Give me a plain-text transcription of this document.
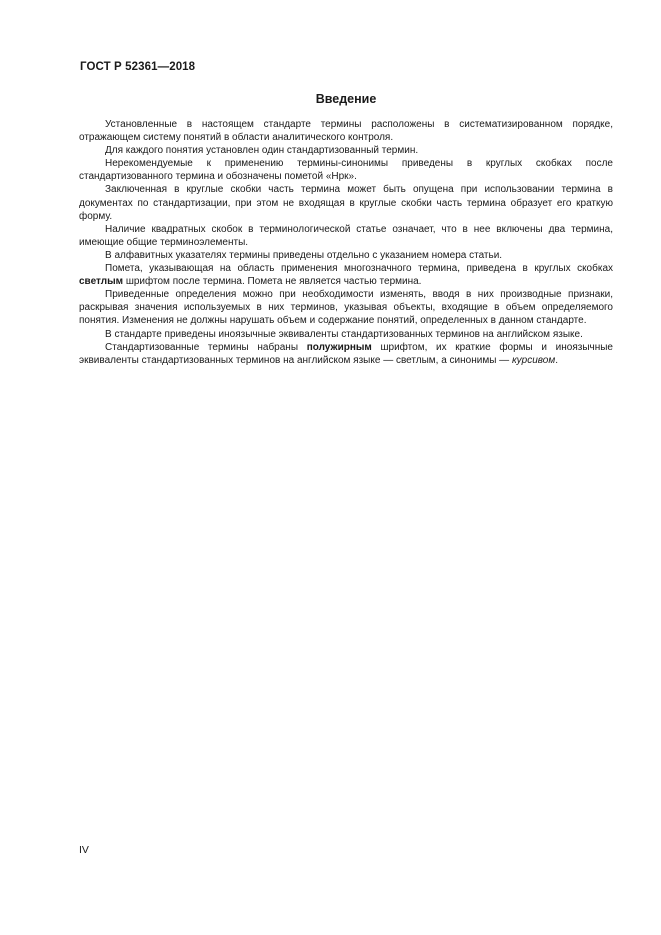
ГОСТ Р 52361—2018
Введение

Установленные в настоящем стандарте термины расположены в систематизированном порядке, отражающем систему понятий в области аналитического контроля.

Для каждого понятия установлен один стандартизованный термин.

Нерекомендуемые к применению термины-синонимы приведены в круглых скобках после стандартизованного термина и обозначены пометой «Нрк».

Заключенная в круглые скобки часть термина может быть опущена при использовании термина в документах по стандартизации, при этом не входящая в круглые скобки часть термина образует его краткую форму.

Наличие квадратных скобок в терминологической статье означает, что в нее включены два термина, имеющие общие терминоэлементы.

В алфавитных указателях термины приведены отдельно с указанием номера статьи.

Помета, указывающая на область применения многозначного термина, приведена в круглых скобках светлым шрифтом после термина. Помета не является частью термина.

Приведенные определения можно при необходимости изменять, вводя в них производные признаки, раскрывая значения используемых в них терминов, указывая объекты, входящие в объем определяемого понятия. Изменения не должны нарушать объем и содержание понятий, определенных в данном стандарте.

В стандарте приведены иноязычные эквиваленты стандартизованных терминов на английском языке.

Стандартизованные термины набраны полужирным шрифтом, их краткие формы и иноязычные эквиваленты стандартизованных терминов на английском языке — светлым, а синонимы — курсивом.

IV
